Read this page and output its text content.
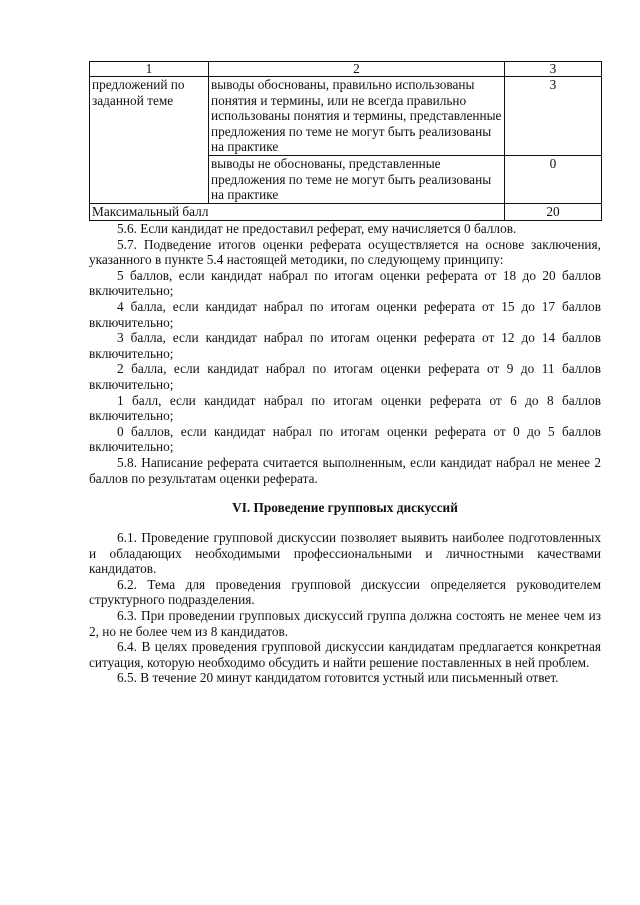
1	2	3
предложений по заданной теме	выводы обоснованы, правильно использованы понятия и термины, или не всегда правильно использованы понятия и термины, представленные предложения по теме не могут быть реализованы на практике	3
	выводы не обоснованы, представленные предложения по теме не могут быть реализованы на практике	0
Максимальный балл		20

5.6. Если кандидат не предоставил реферат, ему начисляется 0 баллов.

5.7. Подведение итогов оценки реферата осуществляется на основе заключения, указанного в пункте 5.4 настоящей методики, по следующему принципу:

5 баллов, если кандидат набрал по итогам оценки реферата от 18 до 20 баллов включительно;

4 балла, если кандидат набрал по итогам оценки реферата от 15 до 17 баллов включительно;

3 балла, если кандидат набрал по итогам оценки реферата от 12 до 14 баллов включительно;

2 балла, если кандидат набрал по итогам оценки реферата от 9 до 11 баллов включительно;

1 балл, если кандидат набрал по итогам оценки реферата от 6 до 8 баллов включительно;

0 баллов, если кандидат набрал по итогам оценки реферата от 0 до 5 баллов включительно;

5.8. Написание реферата считается выполненным, если кандидат набрал не менее 2 баллов по результатам оценки реферата.

VI. Проведение групповых дискуссий

6.1. Проведение групповой дискуссии позволяет выявить наиболее подготовленных и обладающих необходимыми профессиональными и личностными качествами кандидатов.

6.2. Тема для проведения групповой дискуссии определяется руководителем структурного подразделения.

6.3. При проведении групповых дискуссий группа должна состоять не менее чем из 2, но не более чем из 8 кандидатов.

6.4. В целях проведения групповой дискуссии кандидатам предлагается конкретная ситуация, которую необходимо обсудить и найти решение поставленных в ней проблем.

6.5. В течение 20 минут кандидатом готовится устный или письменный ответ.
